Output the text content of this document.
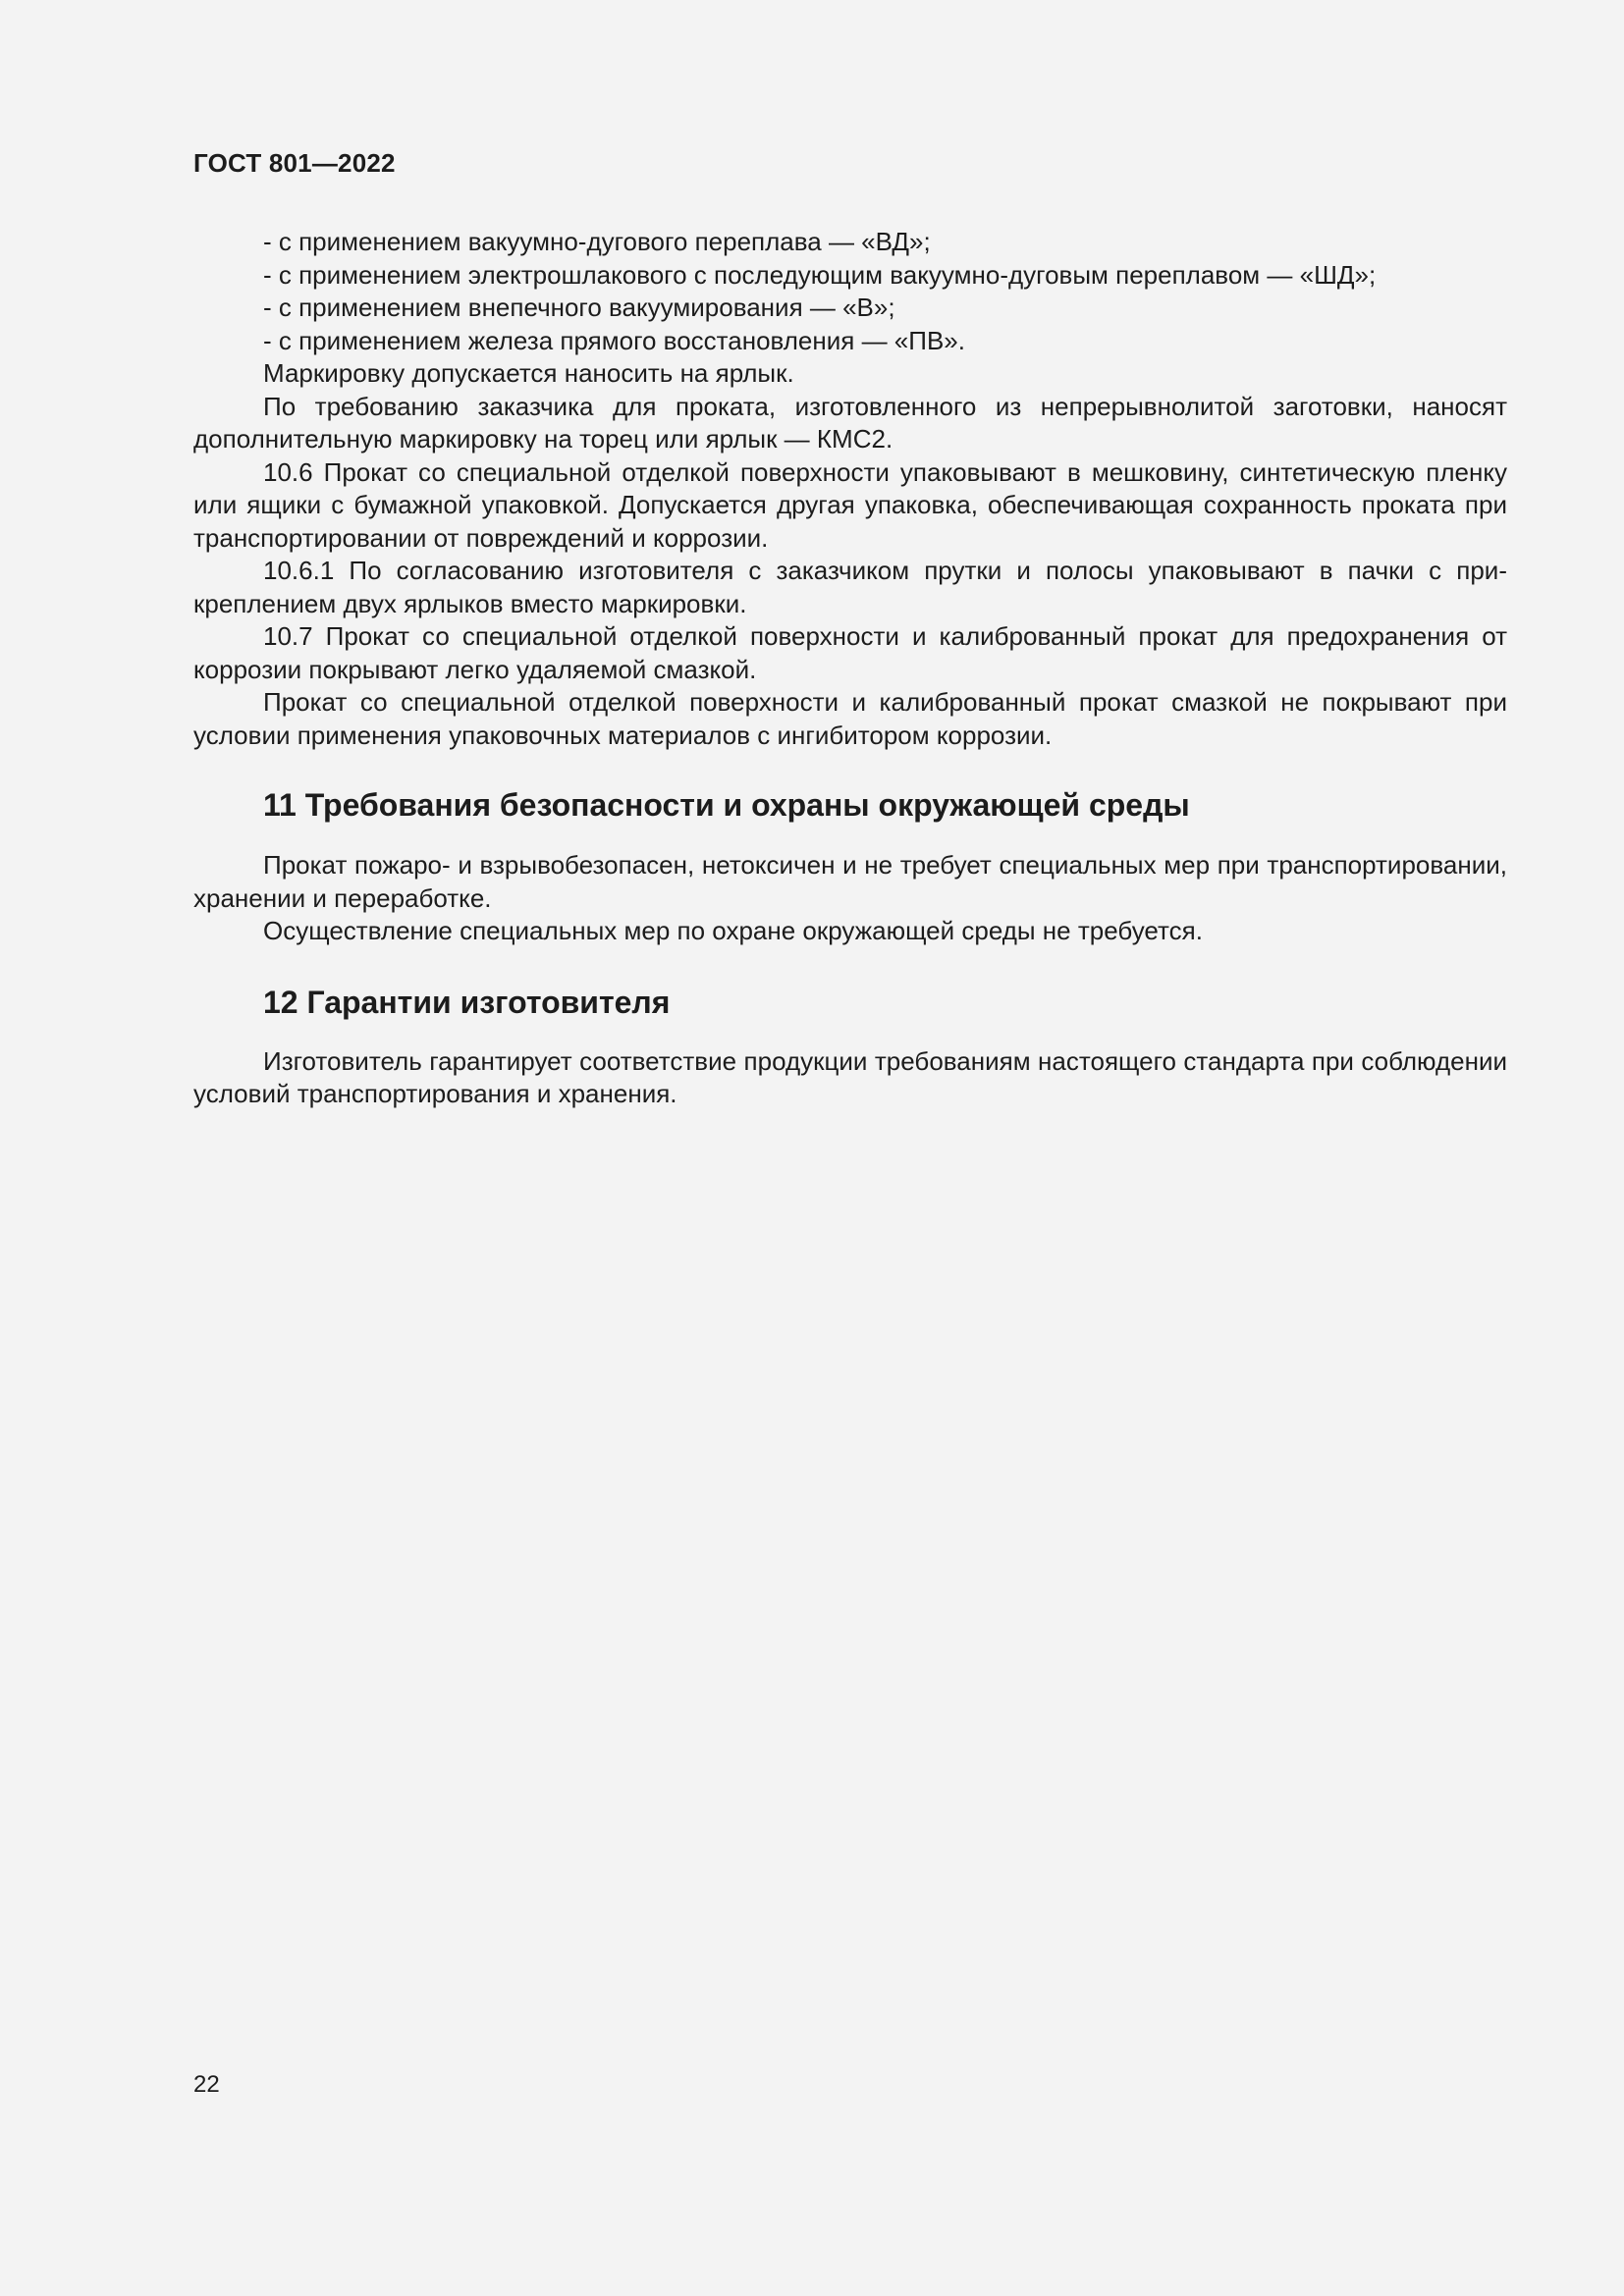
ГОСТ 801—2022
- с применением вакуумно-дугового переплава — «ВД»;
- с применением электрошлакового с последующим вакуумно-дуговым переплавом — «ШД»;
- с применением внепечного вакуумирования — «В»;
- с применением железа прямого восстановления — «ПВ».
Маркировку допускается наносить на ярлык.
По требованию заказчика для проката, изготовленного из непрерывнолитой заготовки, наносят дополнительную маркировку на торец или ярлык — КМС2.
10.6 Прокат со специальной отделкой поверхности упаковывают в мешковину, синтетическую пленку или ящики с бумажной упаковкой. Допускается другая упаковка, обеспечивающая сохранность проката при транспортировании от повреждений и коррозии.
10.6.1 По согласованию изготовителя с заказчиком прутки и полосы упаковывают в пачки с прикреплением двух ярлыков вместо маркировки.
10.7 Прокат со специальной отделкой поверхности и калиброванный прокат для предохранения от коррозии покрывают легко удаляемой смазкой.
Прокат со специальной отделкой поверхности и калиброванный прокат смазкой не покрывают при условии применения упаковочных материалов с ингибитором коррозии.
11 Требования безопасности и охраны окружающей среды
Прокат пожаро- и взрывобезопасен, нетоксичен и не требует специальных мер при транспортировании, хранении и переработке.
Осуществление специальных мер по охране окружающей среды не требуется.
12 Гарантии изготовителя
Изготовитель гарантирует соответствие продукции требованиям настоящего стандарта при соблюдении условий транспортирования и хранения.
22
